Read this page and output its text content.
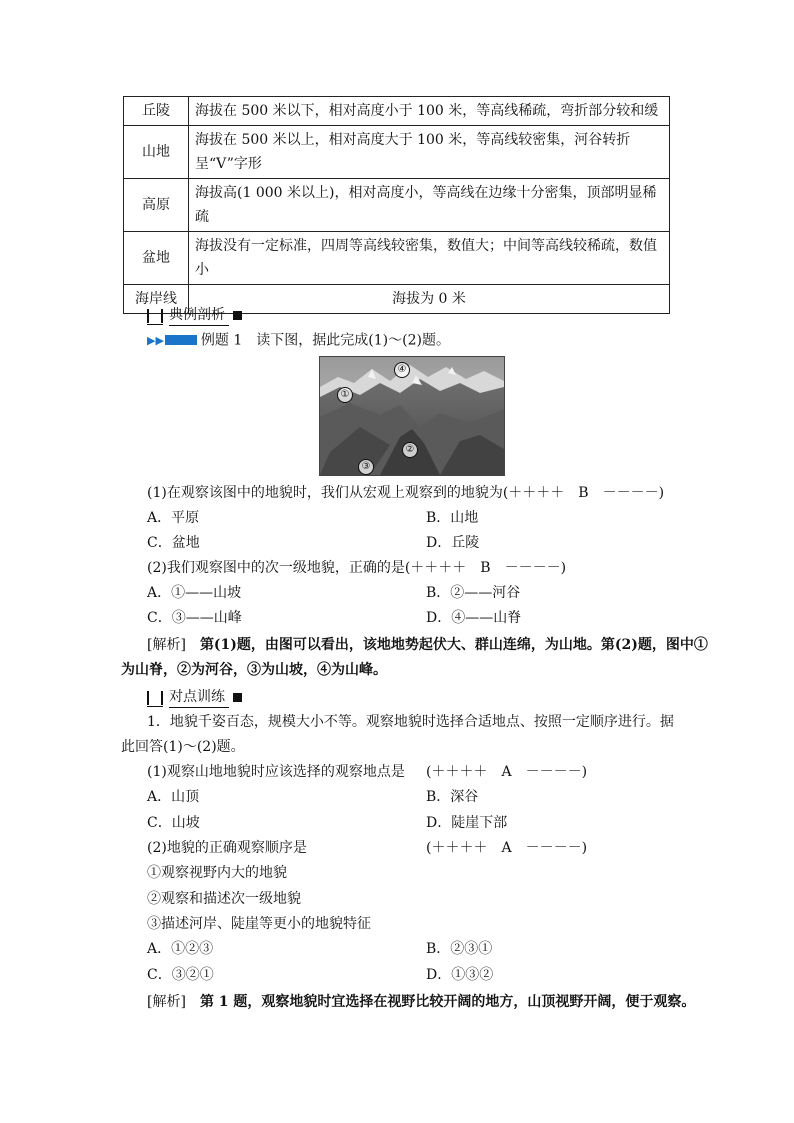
丘陵	海拔在 500 米以下，相对高度小于 100 米，等高线稀疏，弯折部分较和缓
山地	海拔在 500 米以上，相对高度大于 100 米，等高线较密集，河谷转折呈“V”字形
高原	海拔高(1 000 米以上)，相对高度小，等高线在边缘十分密集，顶部明显稀疏
盆地	海拔没有一定标准，四周等高线较密集，数值大；中间等高线较稀疏，数值小
海岸线	海拔为 0 米
典例剖析
▶▶	例题 1　 读下图，据此完成(1)～(2)题。
④
①
②
③
(1)在观察该图中的地貌时，我们从宏观上观察到的地貌为(＋＋＋＋　B　－－－－)
A．平原	B．山地
C．盆地	D．丘陵
(2)我们观察图中的次一级地貌，正确的是(＋＋＋＋　B　－－－－)
A．①——山坡	B．②——河谷
C．③——山峰	D．④——山脊
[解析]　 第(1)题，由图可以看出，该地地势起伏大、群山连绵，为山地。第(2)题，图中①
为山脊，②为河谷，③为山坡，④为山峰。
对点训练
1．地貌千姿百态，规模大小不等。观察地貌时选择合适地点、按照一定顺序进行。据
此回答(1)～(2)题。
(1)观察山地地貌时应该选择的观察地点是 (＋＋＋＋　A　－－－－)
A．山顶	B．深谷
C．山坡	D．陡崖下部
(2)地貌的正确观察顺序是	(＋＋＋＋　A　－－－－)
①观察视野内大的地貌
②观察和描述次一级地貌
③描述河岸、陡崖等更小的地貌特征
A．①②③	B．②③①
C．③②①	D．①③②
[解析]　 第 1 题，观察地貌时宜选择在视野比较开阔的地方，山顶视野开阔，便于观察。
